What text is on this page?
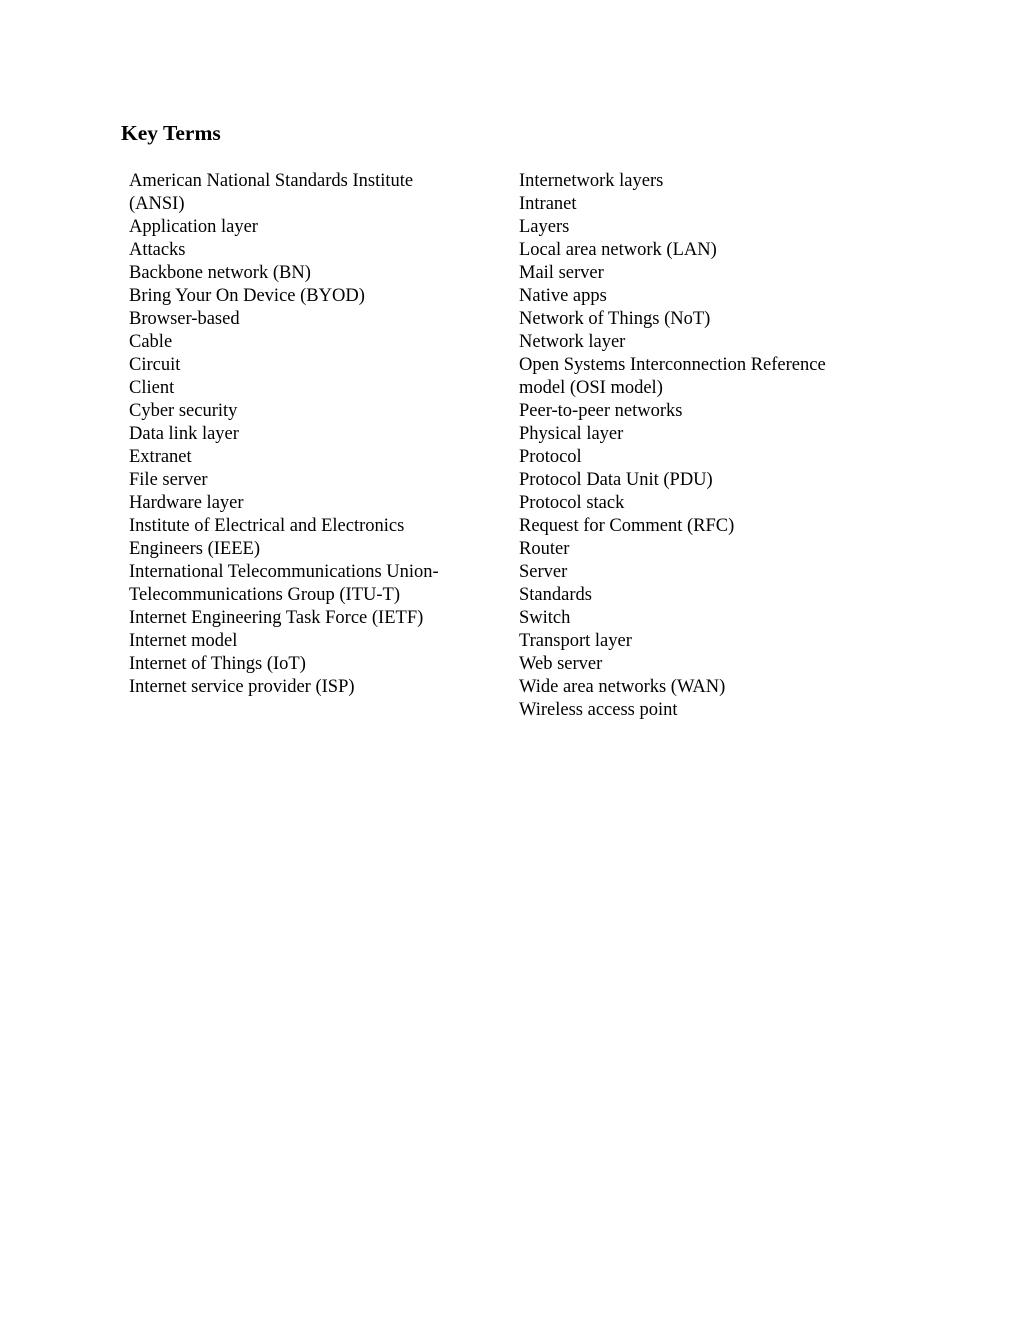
Key Terms
American National Standards Institute
(ANSI)
Application layer
Attacks
Backbone network (BN)
Bring Your On Device (BYOD)
Browser-based
Cable
Circuit
Client
Cyber security
Data link layer
Extranet
File server
Hardware layer
Institute of Electrical and Electronics
Engineers (IEEE)
International Telecommunications Union-
Telecommunications Group (ITU-T)
Internet Engineering Task Force (IETF)
Internet model
Internet of Things (IoT)
Internet service provider (ISP)
Internetwork layers
Intranet
Layers
Local area network (LAN)
Mail server
Native apps
Network of Things (NoT)
Network layer
Open Systems Interconnection Reference
model (OSI model)
Peer-to-peer networks
Physical layer
Protocol
Protocol Data Unit (PDU)
Protocol stack
Request for Comment (RFC)
Router
Server
Standards
Switch
Transport layer
Web server
Wide area networks (WAN)
Wireless access point
